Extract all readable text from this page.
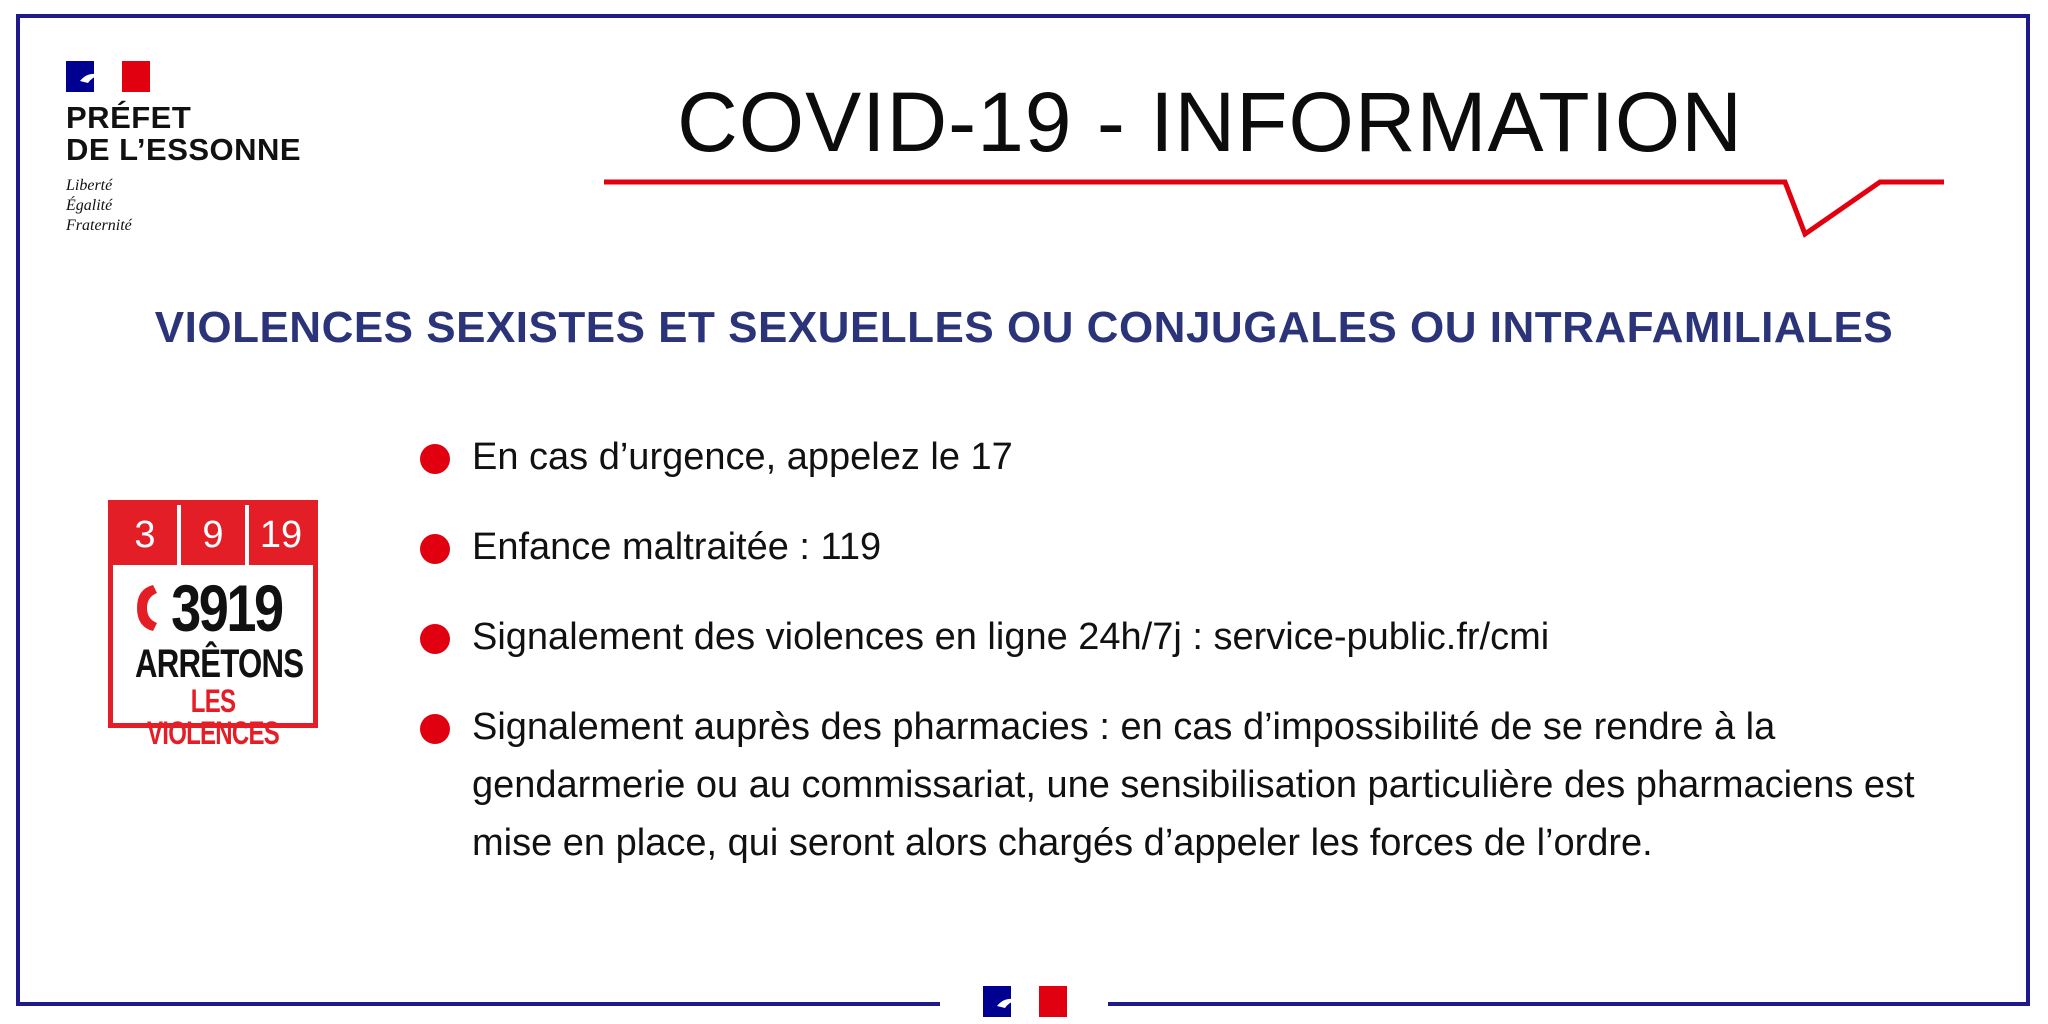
PRÉFET
DE L’ESSONNE
Liberté
Égalité
Fraternité
COVID-19 - INFORMATION
VIOLENCES SEXISTES ET SEXUELLES OU CONJUGALES OU INTRAFAMILIALES
3	9 19
3919
ARRÊTONS
LES VIOLENCES
En cas d’urgence, appelez le 17
Enfance maltraitée : 119
Signalement des violences en ligne 24h/7j : service-public.fr/cmi
Signalement auprès des pharmacies : en cas d’impossibilité de se rendre à la gendarmerie ou au commissariat, une sensibilisation particulière des pharmaciens est mise en place, qui seront alors chargés d’appeler les forces de l’ordre.
